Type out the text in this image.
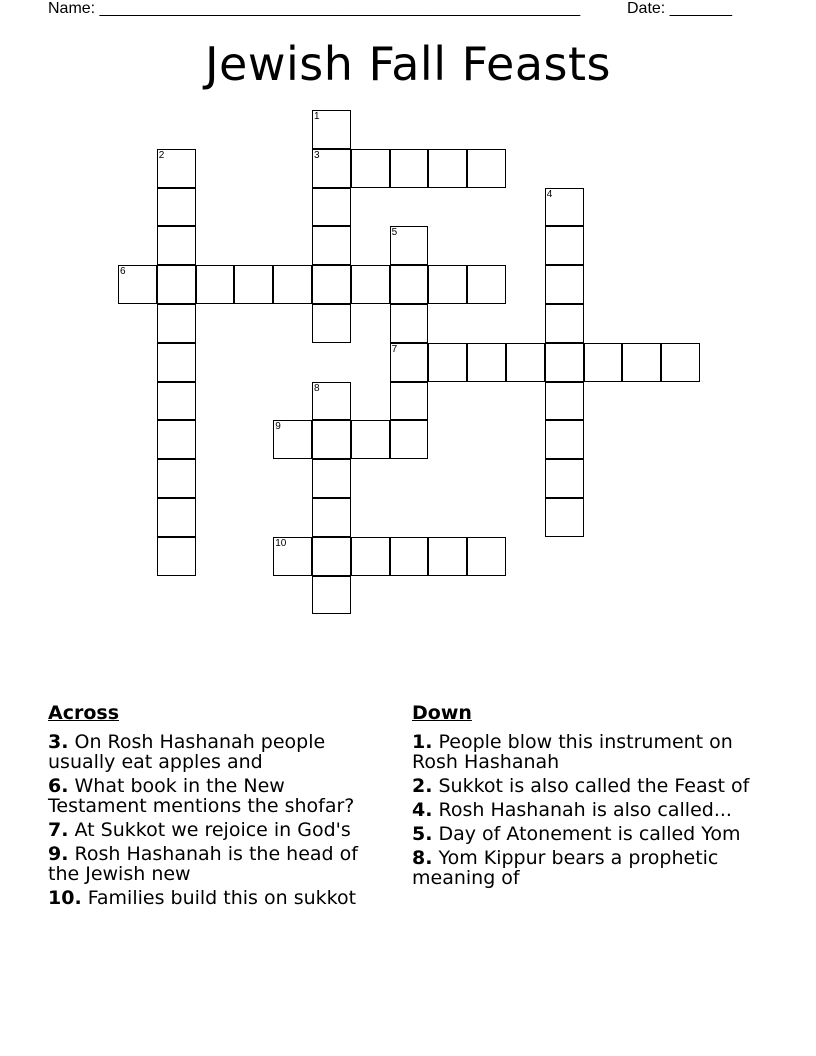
Name: ______________________________________________________	Date: _______
Jewish Fall Feasts
1
3
2
4
5
7
6
8
9
10
Across
3. On Rosh Hashanah people usually eat apples and
6. What book in the New Testament mentions the shofar?
7. At Sukkot we rejoice in God's
9. Rosh Hashanah is the head of the Jewish new
10. Families build this on sukkot
Down
1. People blow this instrument on Rosh Hashanah
2. Sukkot is also called the Feast of
4. Rosh Hashanah is also called...
5. Day of Atonement is called Yom
8. Yom Kippur bears a prophetic meaning of
